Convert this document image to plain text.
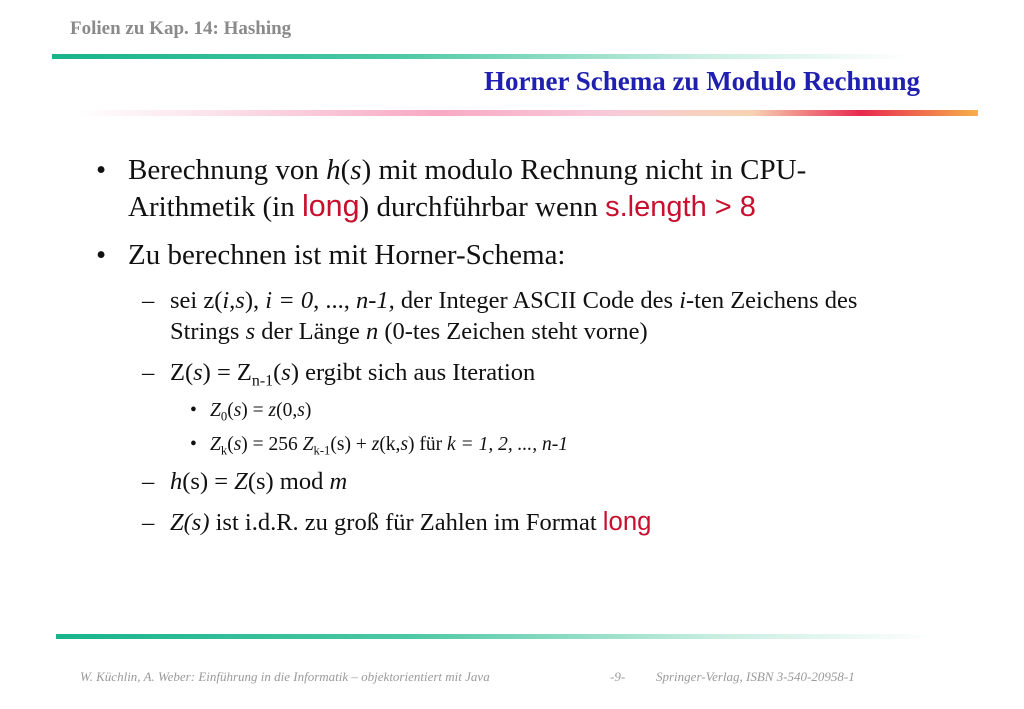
Folien zu Kap. 14: Hashing
Horner Schema zu Modulo Rechnung
• Berechnung von h(s) mit modulo Rechnung nicht in CPU-Arithmetik (in long) durchführbar wenn s.length > 8
• Zu berechnen ist mit Horner-Schema:
– sei z(i,s), i = 0, ..., n-1, der Integer ASCII Code des i-ten Zeichens des Strings s der Länge n (0-tes Zeichen steht vorne)
– $Z(s) = Z_{n-1}(s)$ ergibt sich aus Iteration
• $Z_0(s) = z(0,s)$
• $Z_k(s) = 256$ $Z_{k-1}(s) + z(k,s)$ für k = 1, 2, ..., n-1
– h(s) = Z(s) mod m
– Z(s) ist i.d.R. zu groß für Zahlen im Format long
W. Küchlin, A. Weber: Einführung in die Informatik – objektorientiert mit Java	-9- Springer-Verlag, ISBN 3-540-20958-1
